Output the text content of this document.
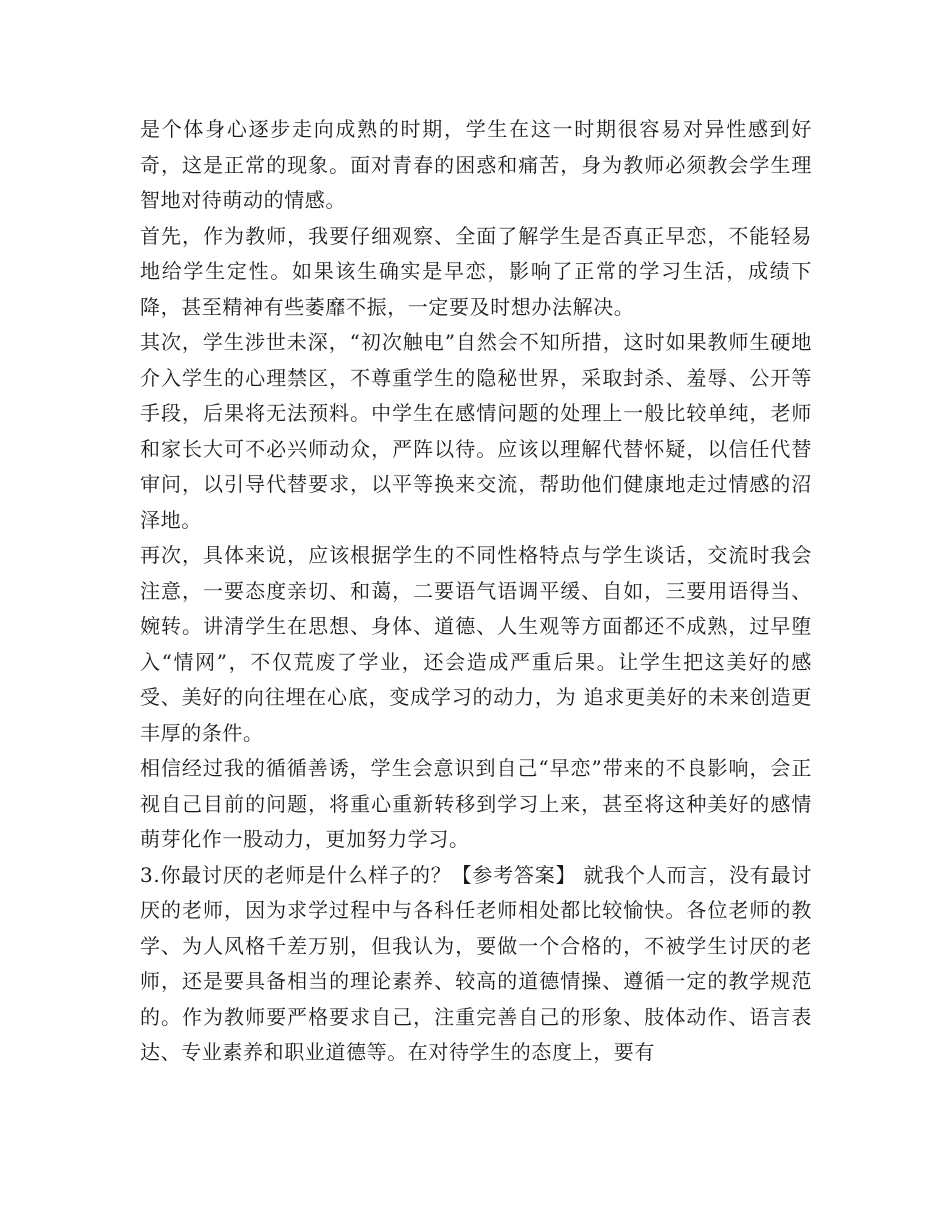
是个体身心逐步走向成熟的时期，学生在这一时期很容易对异性感到好奇，这是正常的现象。面对青春的困惑和痛苦，身为教师必须教会学生理智地对待萌动的情感。

首先，作为教师，我要仔细观察、全面了解学生是否真正早恋，不能轻易地给学生定性。如果该生确实是早恋，影响了正常的学习生活，成绩下降，甚至精神有些萎靡不振，一定要及时想办法解决。

其次，学生涉世未深，“初次触电”自然会不知所措，这时如果教师生硬地介入学生的心理禁区，不尊重学生的隐秘世界，采取封杀、羞辱、公开等手段，后果将无法预料。中学生在感情问题的处理上一般比较单纯，老师和家长大可不必兴师动众，严阵以待。应该以理解代替怀疑，以信任代替审问，以引导代替要求，以平等换来交流，帮助他们健康地走过情感的沼泽地。

再次，具体来说，应该根据学生的不同性格特点与学生谈话，交流时我会注意，一要态度亲切、和蔼，二要语气语调平缓、自如，三要用语得当、婉转。讲清学生在思想、身体、道德、人生观等方面都还不成熟，过早堕入“情网”，不仅荒废了学业，还会造成严重后果。让学生把这美好的感受、美好的向往埋在心底，变成学习的动力，为 追求更美好的未来创造更丰厚的条件。

相信经过我的循循善诱，学生会意识到自己“早恋”带来的不良影响，会正视自己目前的问题，将重心重新转移到学习上来，甚至将这种美好的感情萌芽化作一股动力，更加努力学习。

3.你最讨厌的老师是什么样子的？【参考答案】 就我个人而言，没有最讨厌的老师，因为求学过程中与各科任老师相处都比较愉快。各位老师的教学、为人风格千差万别，但我认为，要做一个合格的，不被学生讨厌的老师，还是要具备相当的理论素养、较高的道德情操、遵循一定的教学规范的。作为教师要严格要求自己，注重完善自己的形象、肢体动作、语言表达、专业素养和职业道德等。在对待学生的态度上，要有
